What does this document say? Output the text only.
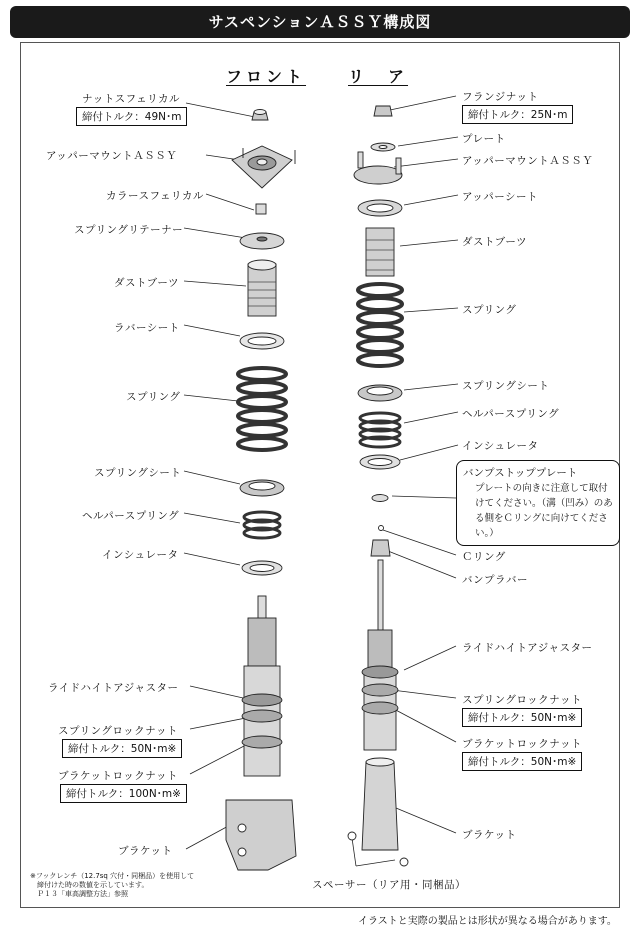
サスペンションＡＳＳＹ構成図
フロント	リ　ア
ナットスフェリカル
締付トルク：49N･m
アッパーマウントＡＳＳＹ
カラースフェリカル
スプリングリテーナー
ダストブーツ
ラバーシート
スプリング
スプリングシート
ヘルパースプリング
インシュレータ
ライドハイトアジャスター
スプリングロックナット
締付トルク：50N･m※
ブラケットロックナット
締付トルク：100N･m※
ブラケット
※フックレンチ（12.7sq 穴付・同梱品）を使用して
　締付けた時の数値を示しています。
　Ｐ１３「車高調整方法」参照
フランジナット
締付トルク：25N･m
プレート
アッパーマウントＡＳＳＹ
アッパーシート
ダストブーツ
スプリング
スプリングシート
ヘルパースプリング
インシュレータ
バンプストッププレート
プレートの向きに注意して取付けてください。（溝（凹み）のある側をＣリングに向けてください。）
Ｃリング
バンプラバー
ライドハイトアジャスター
スプリングロックナット
締付トルク：50N･m※
ブラケットロックナット
締付トルク：50N･m※
ブラケット
スペーサー（リア用・同梱品）
イラストと実際の製品とは形状が異なる場合があります。
